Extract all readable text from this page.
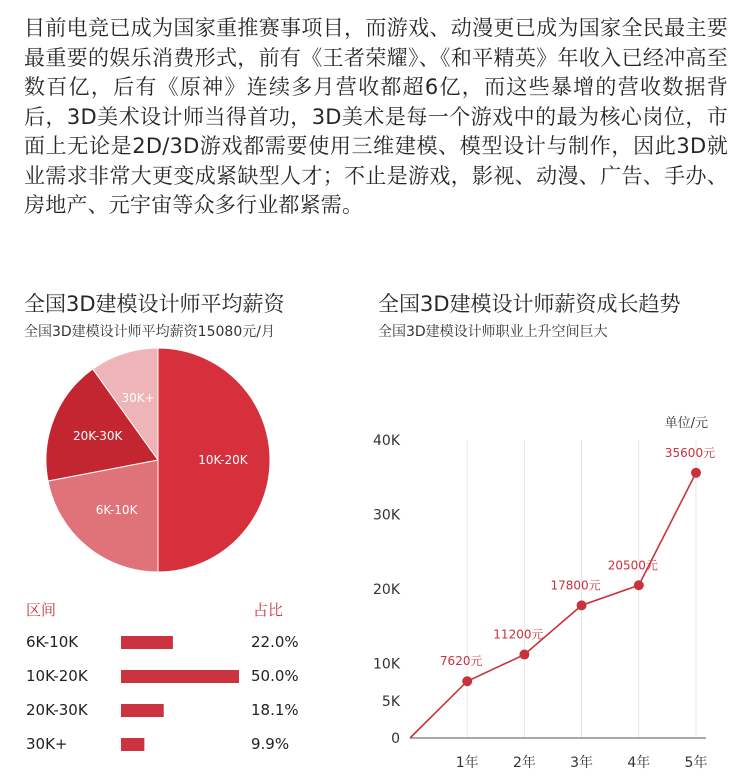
目前电竞已成为国家重推赛事项目，而游戏、动漫更已成为国家全民最主要最重要的娱乐消费形式，前有《王者荣耀》、《和平精英》年收入已经冲高至数百亿，后有《原神》连续多月营收都超6亿，而这些暴增的营收数据背后，3D美术设计师当得首功，3D美术是每一个游戏中的最为核心岗位，市面上无论是2D/3D游戏都需要使用三维建模、模型设计与制作，因此3D就业需求非常大更变成紧缺型人才；不止是游戏，影视、动漫、广告、手办、房地产、元宇宙等众多行业都紧需。

全国3D建模设计师平均薪资

全国3D建模设计师平均薪资15080元/月

10K-20K
6K-10K
20K-30K
30K+
区间	占比
6K-10K	22.0%
10K-20K	50.0%
20K-30K	18.1%
30K+	9.9%
全国3D建模设计师薪资成长趋势

全国3D建模设计师职业上升空间巨大

单位/元
0
5K
10K
20K
30K
40K
1年 2年 3年 4年 5年
7620元
11200元
17800元
20500元
35600元
